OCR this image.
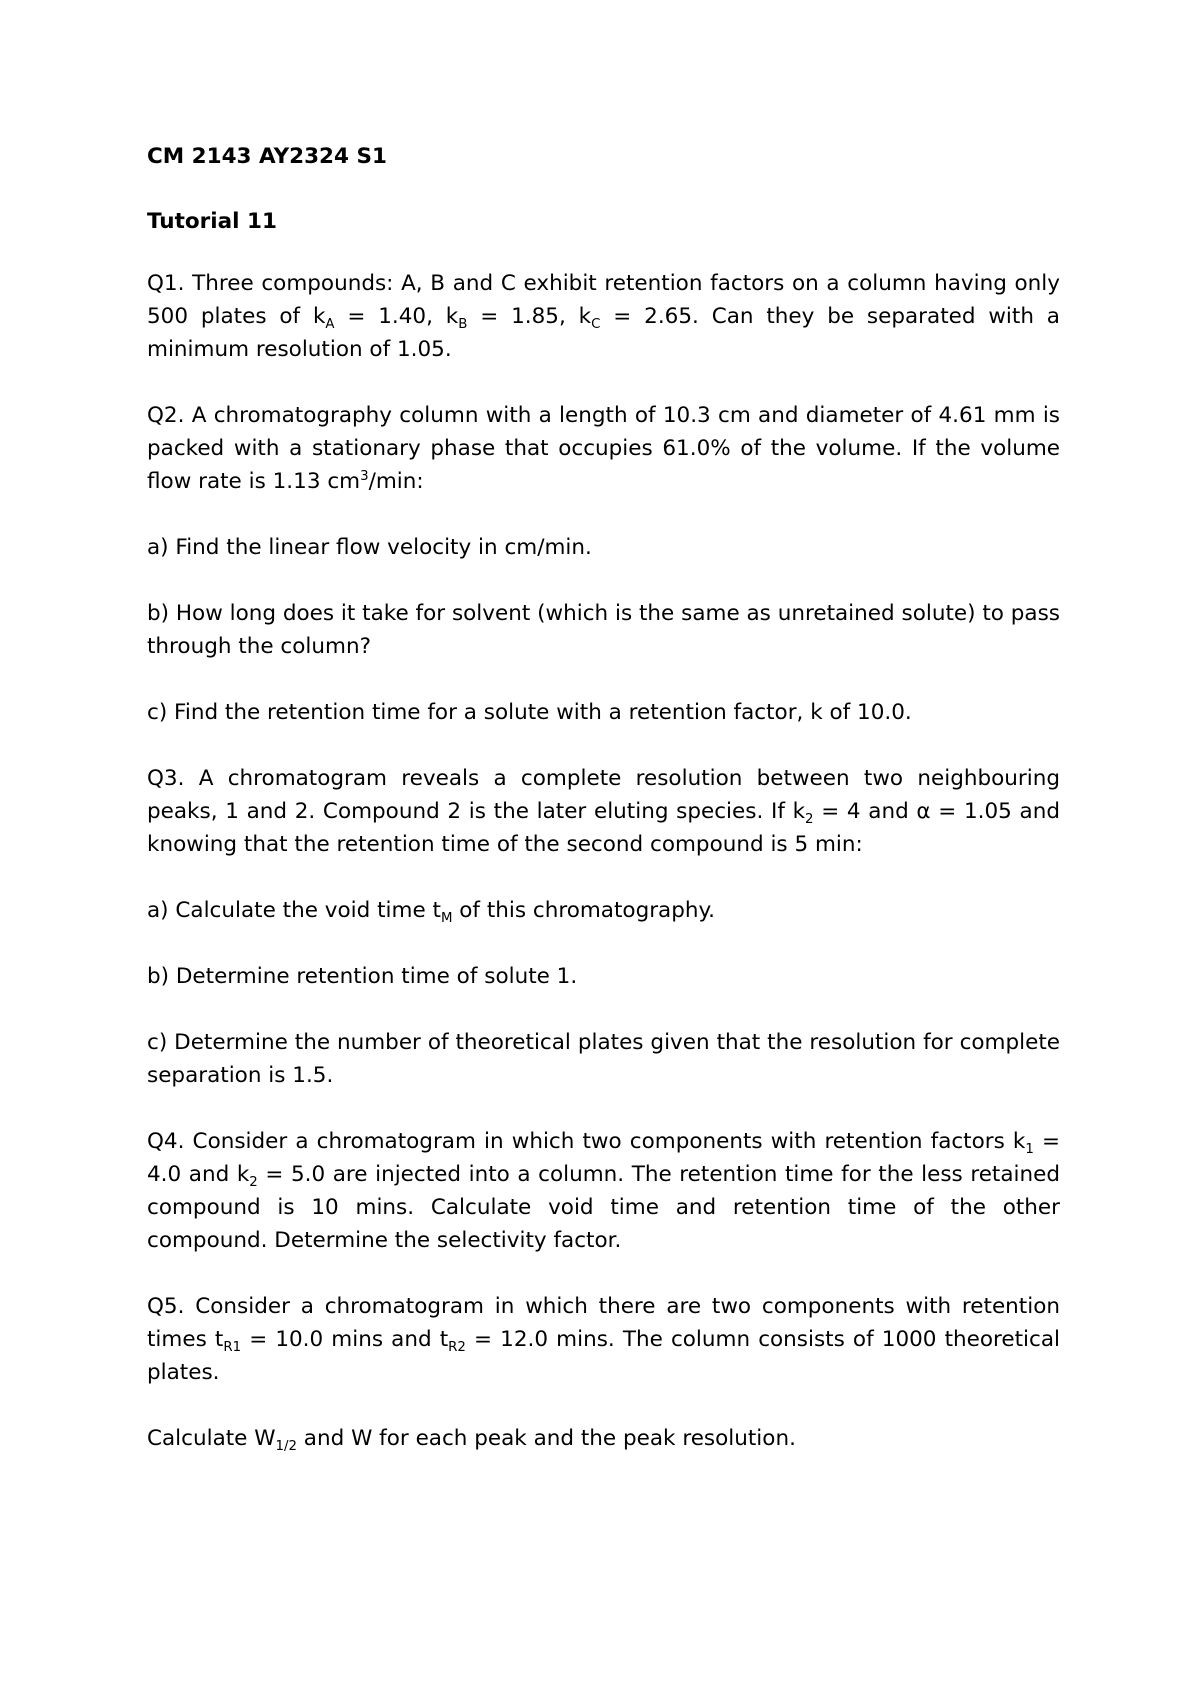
CM 2143 AY2324 S1

Tutorial 11

Q1. Three compounds: A, B and C exhibit retention factors on a column having only 500 plates of $k_A = 1.40$, $k_B = 1.85$, $k_C = 2.65$. Can they be separated with a minimum resolution of 1.05.

Q2. A chromatography column with a length of 10.3 cm and diameter of 4.61 mm is packed with a stationary phase that occupies 61.0% of the volume. If the volume flow rate is 1.13 $cm^3/\min$:

a) Find the linear flow velocity in cm/min.

b) How long does it take for solvent (which is the same as unretained solute) to pass through the column?

c) Find the retention time for a solute with a retention factor, k of 10.0.

Q3. A chromatogram reveals a complete resolution between two neighbouring peaks, 1 and 2. Compound 2 is the later eluting species. If $k_2 = 4$ and α = 1.05 and knowing that the retention time of the second compound is 5 min:

a) Calculate the void time $t_M$ of this chromatography.

b) Determine retention time of solute 1.

c) Determine the number of theoretical plates given that the resolution for complete separation is 1.5.

Q4. Consider a chromatogram in which two components with retention factors $k_1 = 4.0$ and $k_2 = 5.0$ are injected into a column. The retention time for the less retained compound is 10 mins. Calculate void time and retention time of the other compound. Determine the selectivity factor.

Q5. Consider a chromatogram in which there are two components with retention times $t_{R1} = 10.0$ mins and $t_{R2} = 12.0$ mins. The column consists of 1000 theoretical plates.

Calculate $W_{1/2}$ and W for each peak and the peak resolution.
